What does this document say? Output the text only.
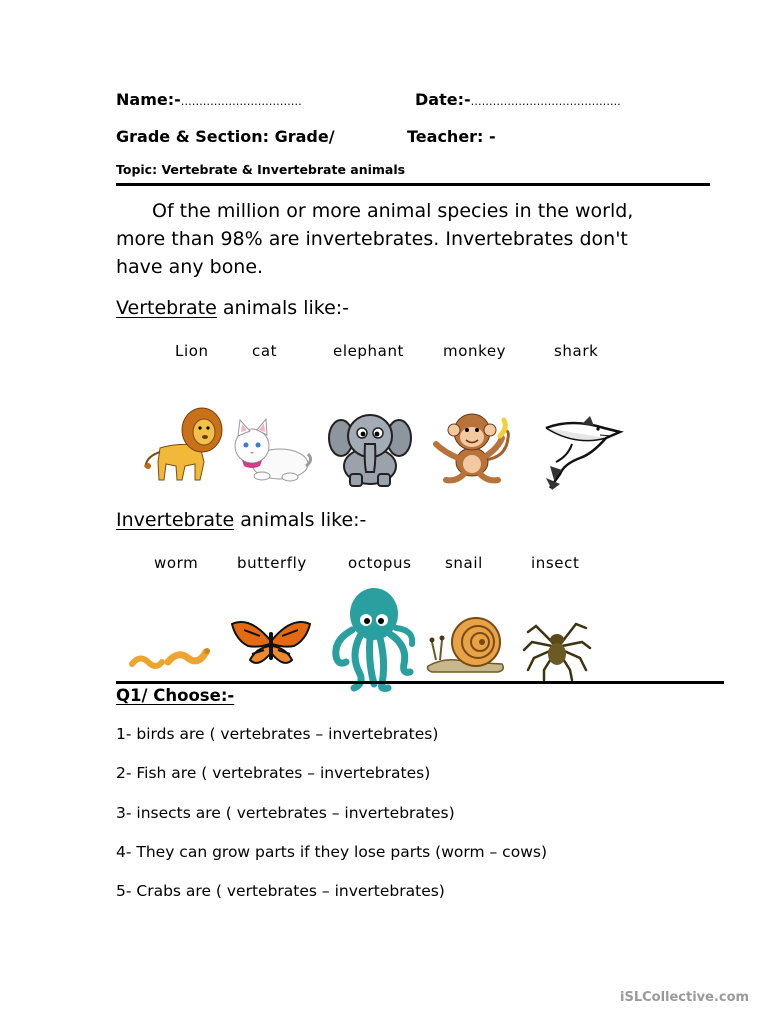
Name:-……………………………	Date:-…………………………………..
Grade & Section: Grade/	Teacher: -
Topic: Vertebrate & Invertebrate animals
Of the million or more animal species in the world,
more than 98% are invertebrates. Invertebrates don't
have any bone.
Vertebrate animals like:-
Lion	cat	elephant	monkey	shark
Invertebrate animals like:-
worm	butterfly	octopus snail	insect
Q1/ Choose:-
1- birds are ( vertebrates – invertebrates)
2- Fish are ( vertebrates – invertebrates)
3- insects are ( vertebrates – invertebrates)
4- They can grow parts if they lose parts (worm – cows)
5- Crabs are ( vertebrates – invertebrates)
iSLCollective.com
